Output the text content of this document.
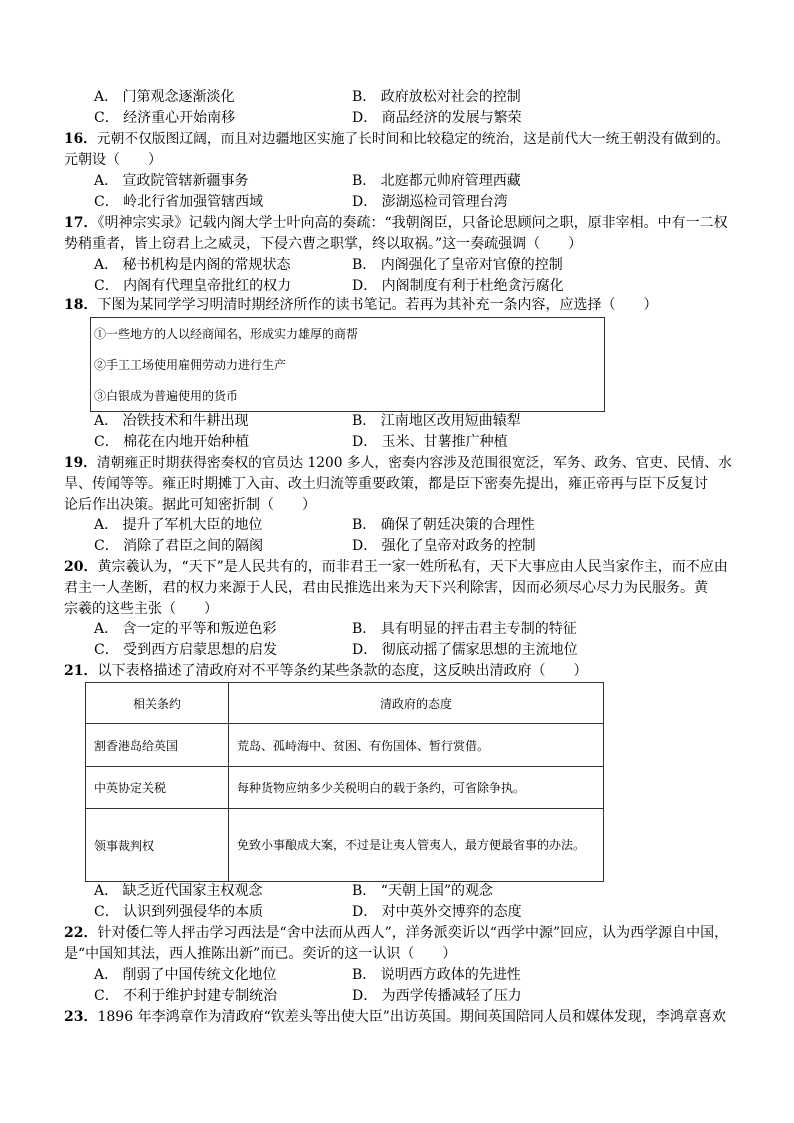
A． 门第观念逐渐淡化	B． 政府放松对社会的控制
C． 经济重心开始南移	D． 商品经济的发展与繁荣
16．元朝不仅版图辽阔，而且对边疆地区实施了长时间和比较稳定的统治，这是前代大一统王朝没有做到的。
元朝设（　　）
A． 宣政院管辖新疆事务	B． 北庭都元帅府管理西藏
C． 岭北行省加强管辖西域	D． 澎湖巡检司管理台湾
17．《明神宗实录》记载内阁大学士叶向高的奏疏：“我朝阁臣，只备论思顾问之职，原非宰相。中有一二权
势稍重者，皆上窃君上之威灵，下侵六曹之职掌，终以取祸。”这一奏疏强调（　　）
A． 秘书机构是内阁的常规状态	B． 内阁强化了皇帝对官僚的控制
C． 内阁有代理皇帝批红的权力	D． 内阁制度有利于杜绝贪污腐化
18．下图为某同学学习明清时期经济所作的读书笔记。若再为其补充一条内容，应选择（　　）
①一些地方的人以经商闻名，形成实力雄厚的商帮
②手工工场使用雇佣劳动力进行生产
③白银成为普遍使用的货币
A． 冶铁技术和牛耕出现	B． 江南地区改用短曲辕犁
C． 棉花在内地开始种植	D． 玉米、甘薯推广种植
19．清朝雍正时期获得密奏权的官员达 1200 多人，密奏内容涉及范围很宽泛，军务、政务、官吏、民情、水
旱、传闻等等。雍正时期摊丁入亩、改土归流等重要政策，都是臣下密奏先提出，雍正帝再与臣下反复讨
论后作出决策。据此可知密折制（　　）
A． 提升了军机大臣的地位	B． 确保了朝廷决策的合理性
C． 消除了君臣之间的隔阂	D． 强化了皇帝对政务的控制
20．黄宗羲认为，“天下”是人民共有的，而非君王一家一姓所私有，天下大事应由人民当家作主，而不应由
君主一人垄断，君的权力来源于人民，君由民推选出来为天下兴利除害，因而必须尽心尽力为民服务。黄
宗羲的这些主张（　　）
A． 含一定的平等和叛逆色彩	B． 具有明显的抨击君主专制的特征
C． 受到西方启蒙思想的启发	D． 彻底动摇了儒家思想的主流地位
21．以下表格描述了清政府对不平等条约某些条款的态度，这反映出清政府（　　）
相关条约	清政府的态度
割香港岛给英国	荒岛、孤峙海中、贫困、有伤国体、暂行赏借。
中英协定关税	每种货物应纳多少关税明白的载于条约，可省除争执。
领事裁判权	免致小事酿成大案，不过是让夷人管夷人，最方便最省事的办法。
A． 缺乏近代国家主权观念	B． “天朝上国”的观念
C． 认识到列强侵华的本质	D． 对中英外交博弈的态度
22．针对倭仁等人抨击学习西法是“舍中法而从西人”，洋务派奕䜣以“西学中源”回应，认为西学源自中国，
是“中国知其法，西人推陈出新”而已。奕䜣的这一认识（　　）
A． 削弱了中国传统文化地位	B． 说明西方政体的先进性
C． 不利于维护封建专制统治	D． 为西学传播减轻了压力
23．1896 年李鸿章作为清政府“钦差头等出使大臣”出访英国。期间英国陪同人员和媒体发现，李鸿章喜欢
